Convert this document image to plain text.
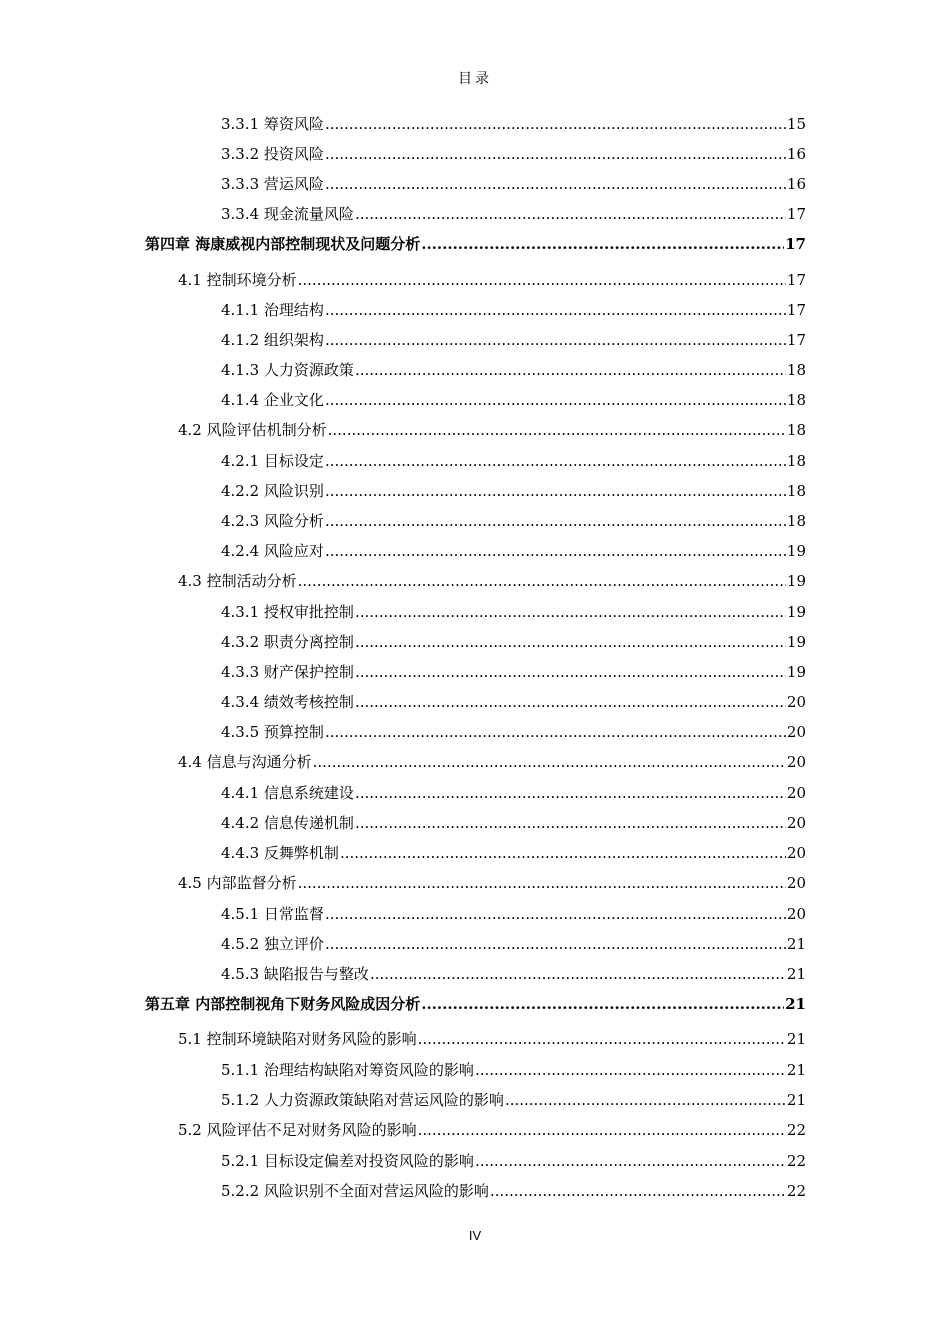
目录
3.3.1 筹资风险 .....	15
3.3.2 投资风险 .....	16
3.3.3 营运风险 .....	16
3.3.4 现金流量风险 .....	17
第四章 海康威视内部控制现状及问题分析 .....	17
4.1 控制环境分析 .....	17
4.1.1 治理结构 .....	17
4.1.2 组织架构 .....	17
4.1.3 人力资源政策 .....	18
4.1.4 企业文化 .....	18
4.2 风险评估机制分析 .....	18
4.2.1 目标设定 .....	18
4.2.2 风险识别 .....	18
4.2.3 风险分析 .....	18
4.2.4 风险应对 .....	19
4.3 控制活动分析 .....	19
4.3.1 授权审批控制 .....	19
4.3.2 职责分离控制 .....	19
4.3.3 财产保护控制 .....	19
4.3.4 绩效考核控制 .....	20
4.3.5 预算控制 .....	20
4.4 信息与沟通分析 .....	20
4.4.1 信息系统建设 .....	20
4.4.2 信息传递机制 .....	20
4.4.3 反舞弊机制 .....	20
4.5 内部监督分析 .....	20
4.5.1 日常监督 .....	20
4.5.2 独立评价 .....	21
4.5.3 缺陷报告与整改 .....	21
第五章 内部控制视角下财务风险成因分析 .....	21
5.1 控制环境缺陷对财务风险的影响 .....	21
5.1.1 治理结构缺陷对筹资风险的影响 .....	21
5.1.2 人力资源政策缺陷对营运风险的影响 .....	21
5.2 风险评估不足对财务风险的影响 .....	22
5.2.1 目标设定偏差对投资风险的影响 .....	22
5.2.2 风险识别不全面对营运风险的影响 .....	22
IV
